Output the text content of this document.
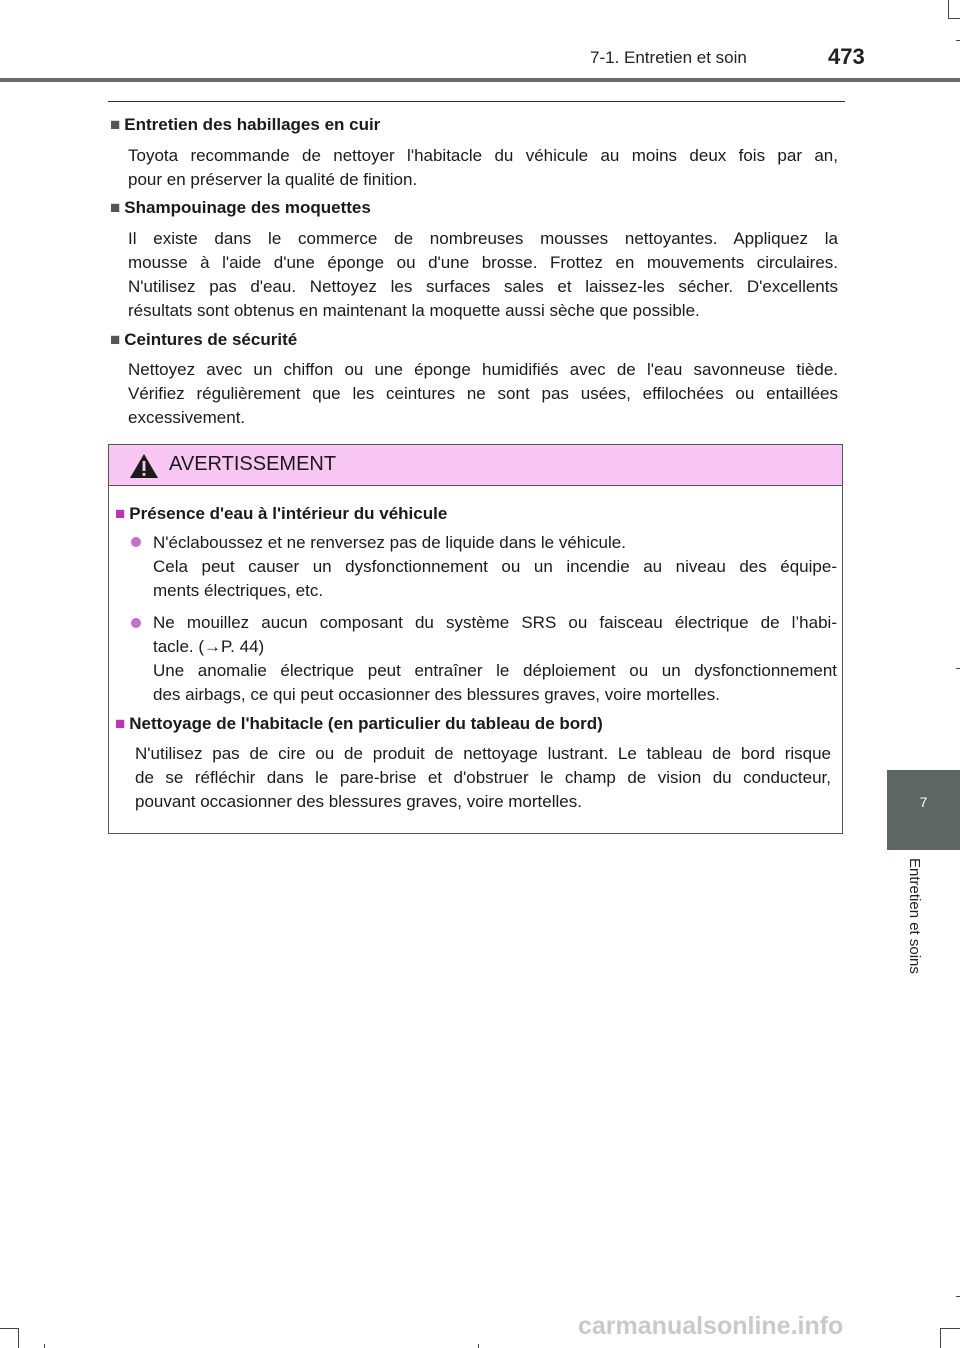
7-1. Entretien et soin	473
■ Entretien des habillages en cuir
Toyota recommande de nettoyer l'habitacle du véhicule au moins deux fois par an,
pour en préserver la qualité de finition.
■ Shampouinage des moquettes
Il existe dans le commerce de nombreuses mousses nettoyantes. Appliquez la
mousse à l'aide d'une éponge ou d'une brosse. Frottez en mouvements circulaires.
N'utilisez pas d'eau. Nettoyez les surfaces sales et laissez-les sécher. D'excellents
résultats sont obtenus en maintenant la moquette aussi sèche que possible.
■ Ceintures de sécurité
Nettoyez avec un chiffon ou une éponge humidifiés avec de l'eau savonneuse tiède.
Vérifiez régulièrement que les ceintures ne sont pas usées, effilochées ou entaillées
excessivement.
AVERTISSEMENT
■ Présence d'eau à l'intérieur du véhicule
N'éclaboussez et ne renversez pas de liquide dans le véhicule.
Cela peut causer un dysfonctionnement ou un incendie au niveau des équipe-
ments électriques, etc.
Ne mouillez aucun composant du système SRS ou faisceau électrique de l’habi-
tacle. (→P. 44)
Une anomalie électrique peut entraîner le déploiement ou un dysfonctionnement
des airbags, ce qui peut occasionner des blessures graves, voire mortelles.
■ Nettoyage de l'habitacle (en particulier du tableau de bord)
N'utilisez pas de cire ou de produit de nettoyage lustrant. Le tableau de bord risque
de se réfléchir dans le pare-brise et d'obstruer le champ de vision du conducteur,
pouvant occasionner des blessures graves, voire mortelles.	7
Entretien et soins
carmanualsonline.info
